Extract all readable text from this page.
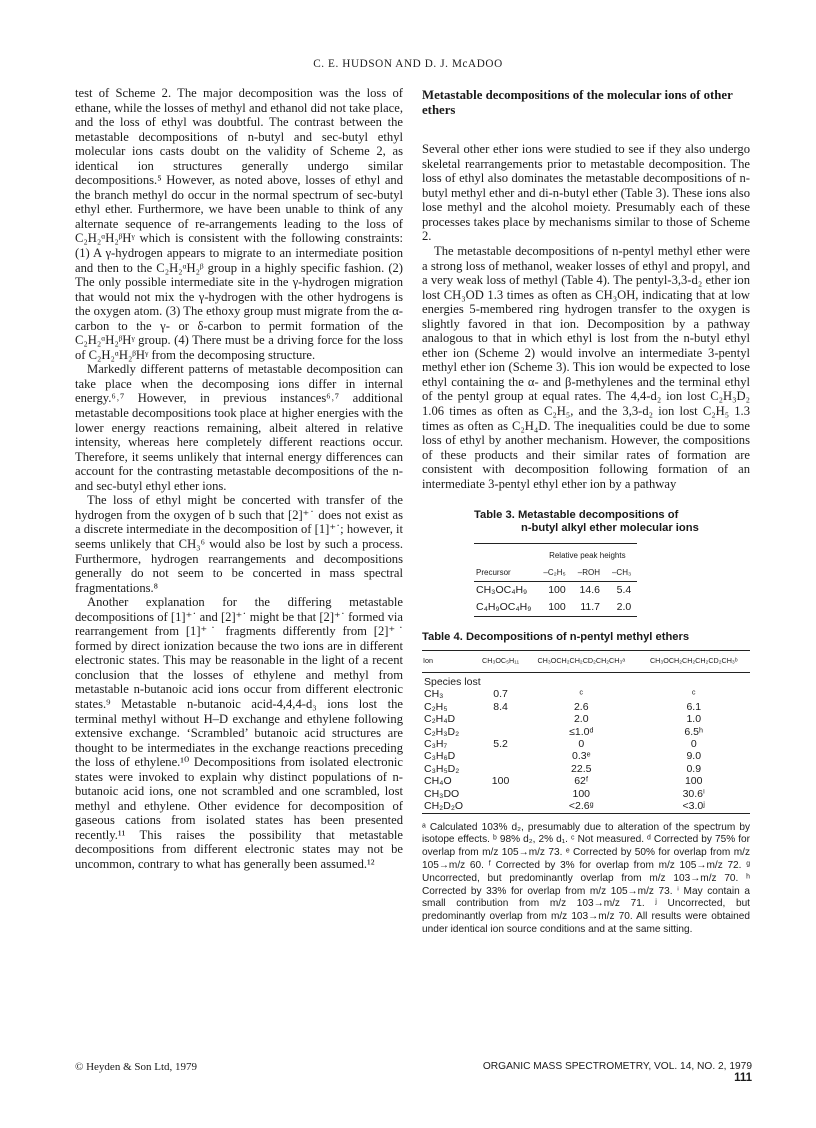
C. E. HUDSON AND D. J. McADOO

test of Scheme 2. The major decomposition was the loss of ethane, while the losses of methyl and ethanol did not take place, and the loss of ethyl was doubtful. The contrast between the metastable decompositions of n-butyl and sec-butyl ethyl molecular ions casts doubt on the validity of Scheme 2, as identical ion structures generally undergo similar decompositions.⁵ However, as noted above, losses of ethyl and the branch methyl do occur in the normal spectrum of sec-butyl ethyl ether. Furthermore, we have been unable to think of any alternate sequence of re-arrangements leading to the loss of C₂H₂ᵅH₂ᵝHᵞ which is consistent with the following constraints: (1) A γ-hydrogen appears to migrate to an intermediate position and then to the C₂H₂ᵅH₂ᵝ group in a highly specific fashion. (2) The only possible intermediate site in the γ-hydrogen migration that would not mix the γ-hydrogen with the other hydrogens is the oxygen atom. (3) The ethoxy group must migrate from the α-carbon to the γ- or δ-carbon to permit formation of the C₂H₂ᵅH₂ᵝHᵞ group. (4) There must be a driving force for the loss of C₂H₂ᵅH₂ᵝHᵞ from the decomposing structure.

Markedly different patterns of metastable decomposition can take place when the decomposing ions differ in internal energy.⁶˒⁷ However, in previous instances⁶˒⁷ additional metastable decompositions took place at higher energies with the lower energy reactions remaining, albeit altered in relative intensity, whereas here completely different reactions occur. Therefore, it seems unlikely that internal energy differences can account for the contrasting metastable decompositions of the n- and sec-butyl ethyl ether ions.

The loss of ethyl might be concerted with transfer of the hydrogen from the oxygen of b such that [2]⁺˙ does not exist as a discrete intermediate in the decomposition of [1]⁺˙; however, it seems unlikely that CH₃⁶ would also be lost by such a process. Furthermore, hydrogen rearrangements and decompositions generally do not seem to be concerted in mass spectral fragmentations.⁸

Another explanation for the differing metastable decompositions of [1]⁺˙ and [2]⁺˙ might be that [2]⁺˙ formed via rearrangement from [1]⁺˙ fragments differently from [2]⁺˙ formed by direct ionization because the two ions are in different electronic states. This may be reasonable in the light of a recent conclusion that the losses of ethylene and methyl from metastable n-butanoic acid ions occur from different electronic states.⁹ Metastable n-butanoic acid-4,4,4-d₃ ions lost the terminal methyl without H–D exchange and ethylene following extensive exchange. ‘Scrambled’ butanoic acid structures are thought to be intermediates in the exchange reactions preceding the loss of ethylene.¹⁰ Decompositions from isolated electronic states were invoked to explain why distinct populations of n-butanoic acid ions, one not scrambled and one scrambled, lost methyl and ethylene. Other evidence for decomposition of gaseous cations from isolated states has been presented recently.¹¹ This raises the possibility that metastable decompositions from different electronic states may not be uncommon, contrary to what has generally been assumed.¹²

Metastable decompositions of the molecular ions of other ethers

Several other ether ions were studied to see if they also undergo skeletal rearrangements prior to metastable decomposition. The loss of ethyl also dominates the metastable decompositions of n-butyl methyl ether and di-n-butyl ether (Table 3). These ions also lose methyl and the alcohol moiety. Presumably each of these processes takes place by mechanisms similar to those of Scheme 2.

The metastable decompositions of n-pentyl methyl ether were a strong loss of methanol, weaker losses of ethyl and propyl, and a very weak loss of methyl (Table 4). The pentyl-3,3-d₂ ether ion lost CH₃OD 1.3 times as often as CH₃OH, indicating that at low energies 5-membered ring hydrogen transfer to the oxygen is slightly favored in that ion. Decomposition by a pathway analogous to that in which ethyl is lost from the n-butyl ethyl ether ion (Scheme 2) would involve an intermediate 3-pentyl methyl ether ion (Scheme 3). This ion would be expected to lose ethyl containing the α- and β-methylenes and the terminal ethyl of the pentyl group at equal rates. The 4,4-d₂ ion lost C₂H₃D₂ 1.06 times as often as C₂H₅, and the 3,3-d₂ ion lost C₂H₅ 1.3 times as often as C₂H₄D. The inequalities could be due to some loss of ethyl by another mechanism. However, the compositions of these products and their similar rates of formation are consistent with decomposition following formation of an intermediate 3-pentyl ethyl ether ion by a pathway

Table 3. Metastable decompositions of
n-butyl alkyl ether molecular ions
	Relative peak heights		
Precursor	–C₂H₅	–ROH	–CH₃
CH₃OC₄H₉	100	14.6	5.4
C₄H₉OC₄H₉	100	11.7	2.0
Table 4. Decompositions of n-pentyl methyl ethers
Ion	CH₃OC₅H₁₁	CH₃OCH₂CH₂CD₂CH₂CH₃ᵃ	CH₃OCH₂CH₂CH₂CD₂CH₃ᵇ
Species lost			
CH₃	0.7	ᶜ	ᶜ
C₂H₅	8.4	2.6	6.1
C₂H₄D		2.0	1.0
C₂H₃D₂		≤1.0ᵈ	6.5ʰ
C₃H₇	5.2	0	0
C₃H₆D		0.3ᵉ	9.0
C₃H₅D₂		22.5	0.9
CH₄O	100	62ᶠ	100
CH₃DO		100	30.6ⁱ
CH₂D₂O		<2.6ᵍ	<3.0ʲ
ᵃ Calculated 103% d₂, presumably due to alteration of the spectrum by isotope effects. ᵇ 98% d₂, 2% d₁. ᶜ Not measured. ᵈ Corrected by 75% for overlap from m/z 105→m/z 73. ᵉ Corrected by 50% for overlap from m/z 105→m/z 60. ᶠ Corrected by 3% for overlap from m/z 105→m/z 72. ᵍ Uncorrected, but predominantly overlap from m/z 103→m/z 70. ʰ Corrected by 33% for overlap from m/z 105→m/z 73. ⁱ May contain a small contribution from m/z 103→m/z 71. ʲ Uncorrected, but predominantly overlap from m/z 103→m/z 70. All results were obtained under identical ion source conditions and at the same sitting.
© Heyden & Son Ltd, 1979	ORGANIC MASS SPECTROMETRY, VOL. 14, NO. 2, 1979 111
